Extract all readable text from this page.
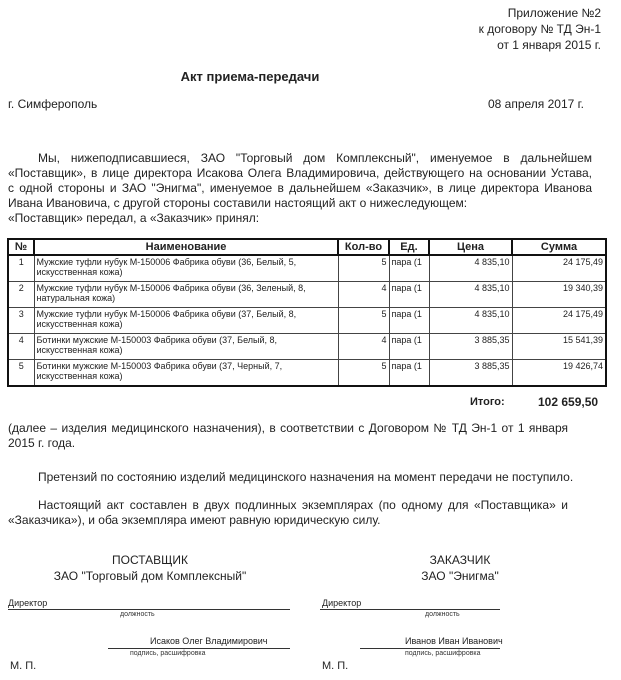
Приложение №2
к договору № ТД Эн-1
от 1 января 2015 г.
Акт приема-передачи
г. Симферополь	08 апреля 2017 г.
Мы, нижеподписавшиеся, ЗАО "Торговый дом Комплексный", именуемое в дальнейшем
«Поставщик», в лице директора Исакова Олега Владимировича, действующего на основании Устава,
с одной стороны и ЗАО "Энигма", именуемое в дальнейшем «Заказчик», в лице директора Иванова
Ивана Ивановича, с другой стороны составили настоящий акт о нижеследующем:
«Поставщик» передал, а «Заказчик» принял:
№	Наименование	Кол-во	Ед.	Цена	Сумма
1	Мужские туфли нубук М-150006 Фабрика обуви (36, Белый, 5, искусственная кожа)	5	пара (1	4 835,10	24 175,49
2	Мужские туфли нубук М-150006 Фабрика обуви (36, Зеленый, 8, натуральная кожа)	4	пара (1	4 835,10	19 340,39
3	Мужские туфли нубук М-150006 Фабрика обуви (37, Белый, 8, искусственная кожа)	5	пара (1	4 835,10	24 175,49
4	Ботинки мужские М-150003 Фабрика обуви (37, Белый, 8, искусственная кожа)	4	пара (1	3 885,35	15 541,39
5	Ботинки мужские М-150003 Фабрика обуви (37, Черный, 7, искусственная кожа)	5	пара (1	3 885,35	19 426,74
Итого:	102 659,50
(далее – изделия медицинского назначения), в соответствии с Договором № ТД Эн-1 от 1 января
2015 г. года.
Претензий по состоянию изделий медицинского назначения на момент передачи не поступило.
Настоящий акт составлен в двух подлинных экземплярах (по одному для «Поставщика» и
«Заказчика»), и оба экземпляра имеют равную юридическую силу.
ПОСТАВЩИК
ЗАО "Торговый дом Комплексный"
Директор
должность
Исаков Олег Владимирович
подпись, расшифровка
М. П.
ЗАКАЗЧИК
ЗАО "Энигма"
Директор
должность
Иванов Иван Иванович
подпись, расшифровка
М. П.
